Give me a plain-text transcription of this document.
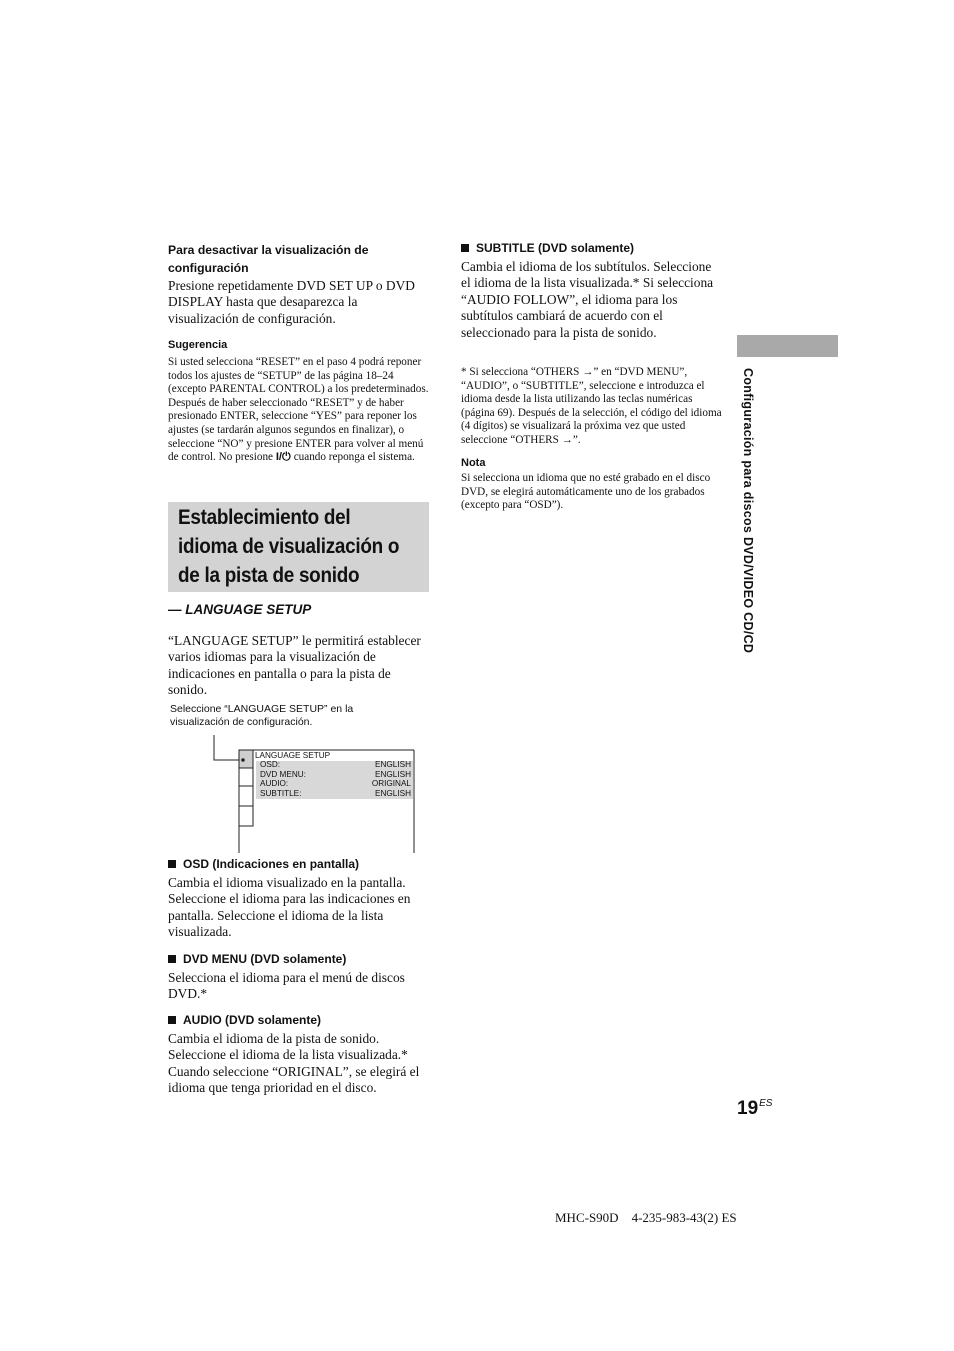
Para desactivar la visualización de configuración
Presione repetidamente DVD SET UP o DVD DISPLAY hasta que desaparezca la visualización de configuración.
Sugerencia
Si usted selecciona “RESET” en el paso 4 podrá reponer todos los ajustes de “SETUP” de las página 18–24 (excepto PARENTAL CONTROL) a los predeterminados. Después de haber seleccionado “RESET” y de haber presionado ENTER, seleccione “YES” para reponer los ajustes (se tardarán algunos segundos en finalizar), o seleccione “NO” y presione ENTER para volver al menú de control. No presione I/⏻ cuando reponga el sistema.
Establecimiento del idioma de visualización o de la pista de sonido
— LANGUAGE SETUP
“LANGUAGE SETUP” le permitirá establecer varios idiomas para la visualización de indicaciones en pantalla o para la pista de sonido.
Seleccione “LANGUAGE SETUP” en la visualización de configuración.
LANGUAGE SETUP
OSD:	ENGLISH
DVD MENU:	ENGLISH
AUDIO:	ORIGINAL
SUBTITLE:	ENGLISH
OSD (Indicaciones en pantalla)
Cambia el idioma visualizado en la pantalla. Seleccione el idioma para las indicaciones en pantalla. Seleccione el idioma de la lista visualizada.
DVD MENU (DVD solamente)
Selecciona el idioma para el menú de discos DVD.*
AUDIO (DVD solamente)
Cambia el idioma de la pista de sonido. Seleccione el idioma de la lista visualizada.* Cuando seleccione “ORIGINAL”, se elegirá el idioma que tenga prioridad en el disco.
SUBTITLE (DVD solamente)
Cambia el idioma de los subtítulos. Seleccione el idioma de la lista visualizada.* Si selecciona “AUDIO FOLLOW”, el idioma para los subtítulos cambiará de acuerdo con el seleccionado para la pista de sonido.
* Si selecciona “OTHERS →” en “DVD MENU”, “AUDIO”, o “SUBTITLE”, seleccione e introduzca el idioma desde la lista utilizando las teclas numéricas (página 69). Después de la selección, el código del idioma (4 dígitos) se visualizará la próxima vez que usted seleccione “OTHERS →”.
Nota
Si selecciona un idioma que no esté grabado en el disco DVD, se elegirá automáticamente uno de los grabados (excepto para “OSD”).	Configuración para discos DVD/VIDEO CD/CD
$19^{ES}$
MHC-S90D    4-235-983-43(2) ES
